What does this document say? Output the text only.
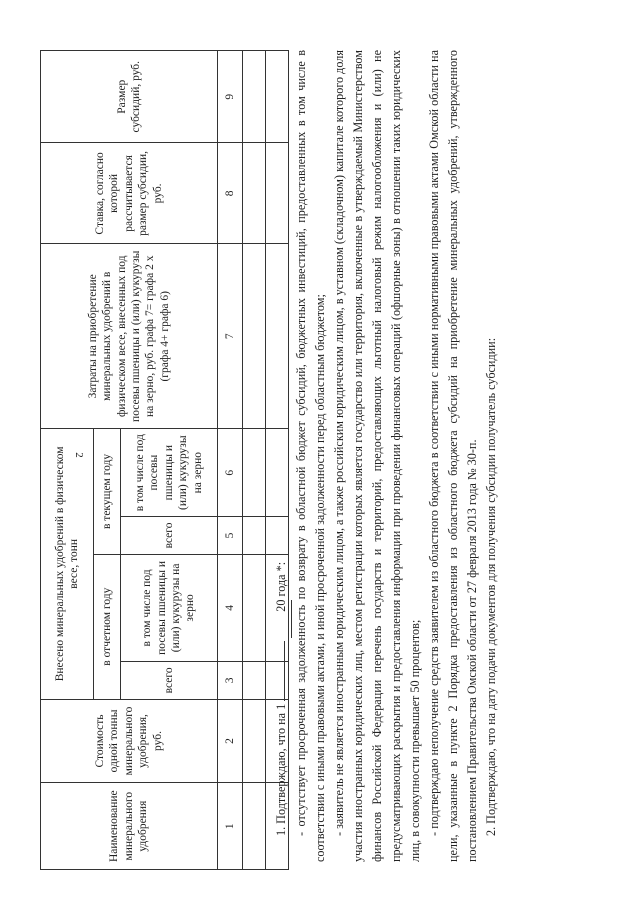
2
Наименование минерального удобрения	Стоимость одной тонны минерального удобрения, руб.	Внесено минеральных удобрений в физическом весе, тонн				Затраты на приобретение минеральных удобрений в физическом весе, внесенных под посевы пшеницы и (или) кукурузы на зерно, руб. графа 7= графа 2 х (графа 4+ графа 6)	Ставка, согласно которой рассчитывается размер субсидии, руб.	Размер субсидий, руб.
		в отчетном году		в текущем году				
		всего	в том числе под посевы пшеницы и (или) кукурузы на зерно	всего	в том числе под посевы пшеницы и (или) кукурузы на зерно			
1	2	3	4	5	6	7	8	9

1. Подтверждаю, что на 1  20 года *: - отсутствует просроченная задолженность по возврату в областной бюджет субсидий, бюджетных инвестиций, предоставленных в том числе в соответствии с иными правовыми актами, и иной просроченной задолженности перед областным бюджетом; - заявитель не является иностранным юридическим лицом, а также российским юридическим лицом, в уставном (складочном) капитале которого доля участия иностранных юридических лиц, местом регистрации которых является государство или территория, включенные в утверждаемый Министерством финансов Российской Федерации перечень государств и территорий, предоставляющих льготный налоговый режим налогообложения и (или) не предусматривающих раскрытия и предоставления информации при проведении финансовых операций (офшорные зоны) в отношении таких юридических лиц, в совокупности превышает 50 процентов; - подтверждаю неполучение средств заявителем из областного бюджета в соответствии с иными нормативными правовыми актами Омской области на цели, указанные в пункте 2 Порядка предоставления из областного бюджета субсидий на приобретение минеральных удобрений, утвержденного постановлением Правительства Омской области от 27 февраля 2013 года № 30-п. 2. Подтверждаю, что на дату подачи документов для получения субсидии получатель субсидии:
